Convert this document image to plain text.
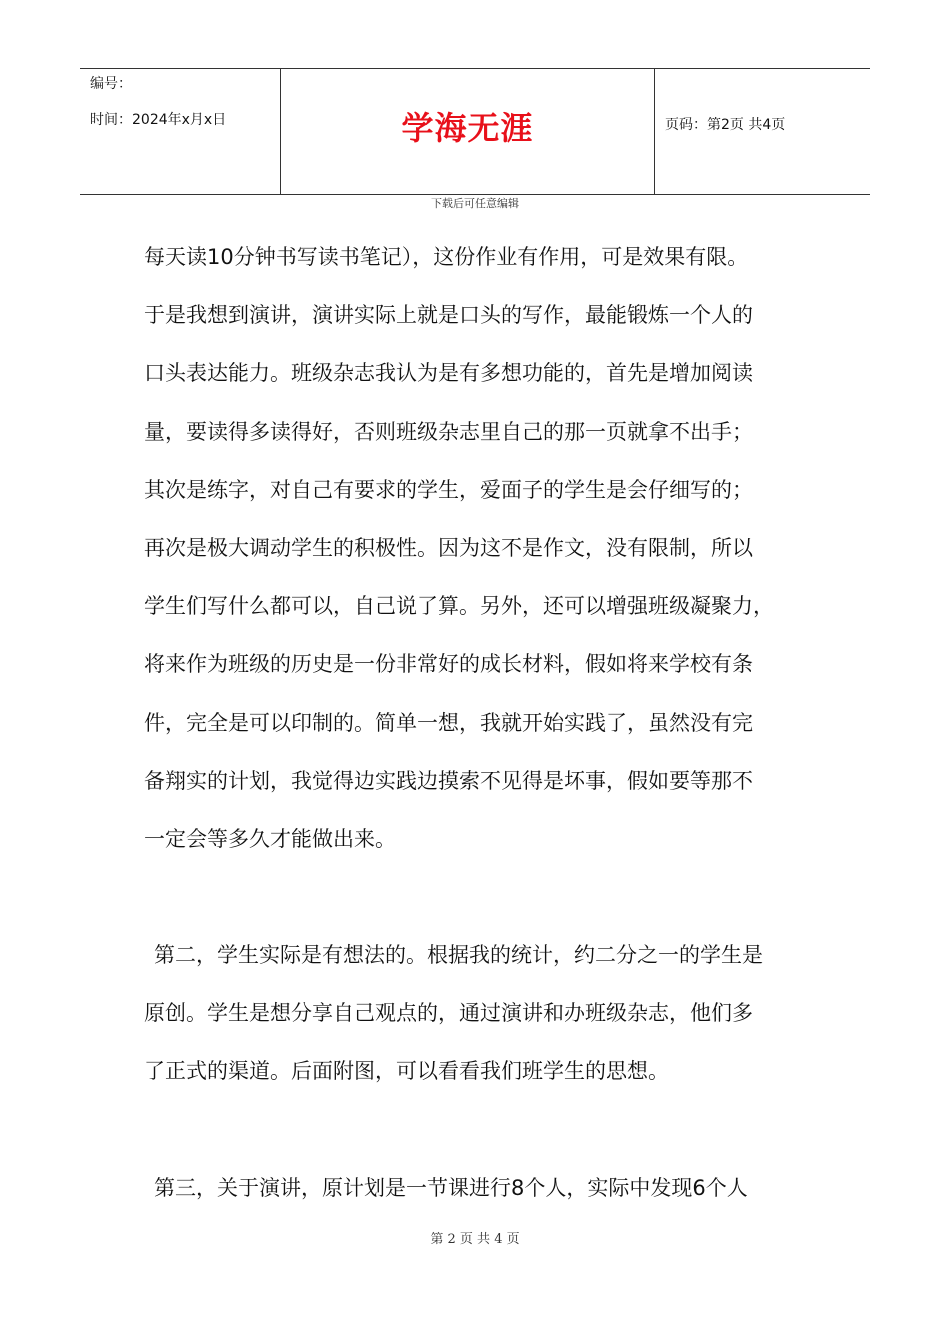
编号：
时间：2024年x月x日	学海无涯	页码：第2页 共4页
下载后可任意编辑
每天读10分钟书写读书笔记），这份作业有作用，可是效果有限。
于是我想到演讲，演讲实际上就是口头的写作，最能锻炼一个人的
口头表达能力。班级杂志我认为是有多想功能的，首先是增加阅读
量，要读得多读得好，否则班级杂志里自己的那一页就拿不出手；
其次是练字，对自己有要求的学生，爱面子的学生是会仔细写的；
再次是极大调动学生的积极性。因为这不是作文，没有限制，所以
学生们写什么都可以，自己说了算。另外，还可以增强班级凝聚力，
将来作为班级的历史是一份非常好的成长材料，假如将来学校有条
件，完全是可以印制的。简单一想，我就开始实践了，虽然没有完
备翔实的计划，我觉得边实践边摸索不见得是坏事，假如要等那不
一定会等多久才能做出来。
第二，学生实际是有想法的。根据我的统计，约二分之一的学生是
原创。学生是想分享自己观点的，通过演讲和办班级杂志，他们多
了正式的渠道。后面附图，可以看看我们班学生的思想。
第三，关于演讲，原计划是一节课进行8个人，实际中发现6个人
第 2 页 共 4 页
